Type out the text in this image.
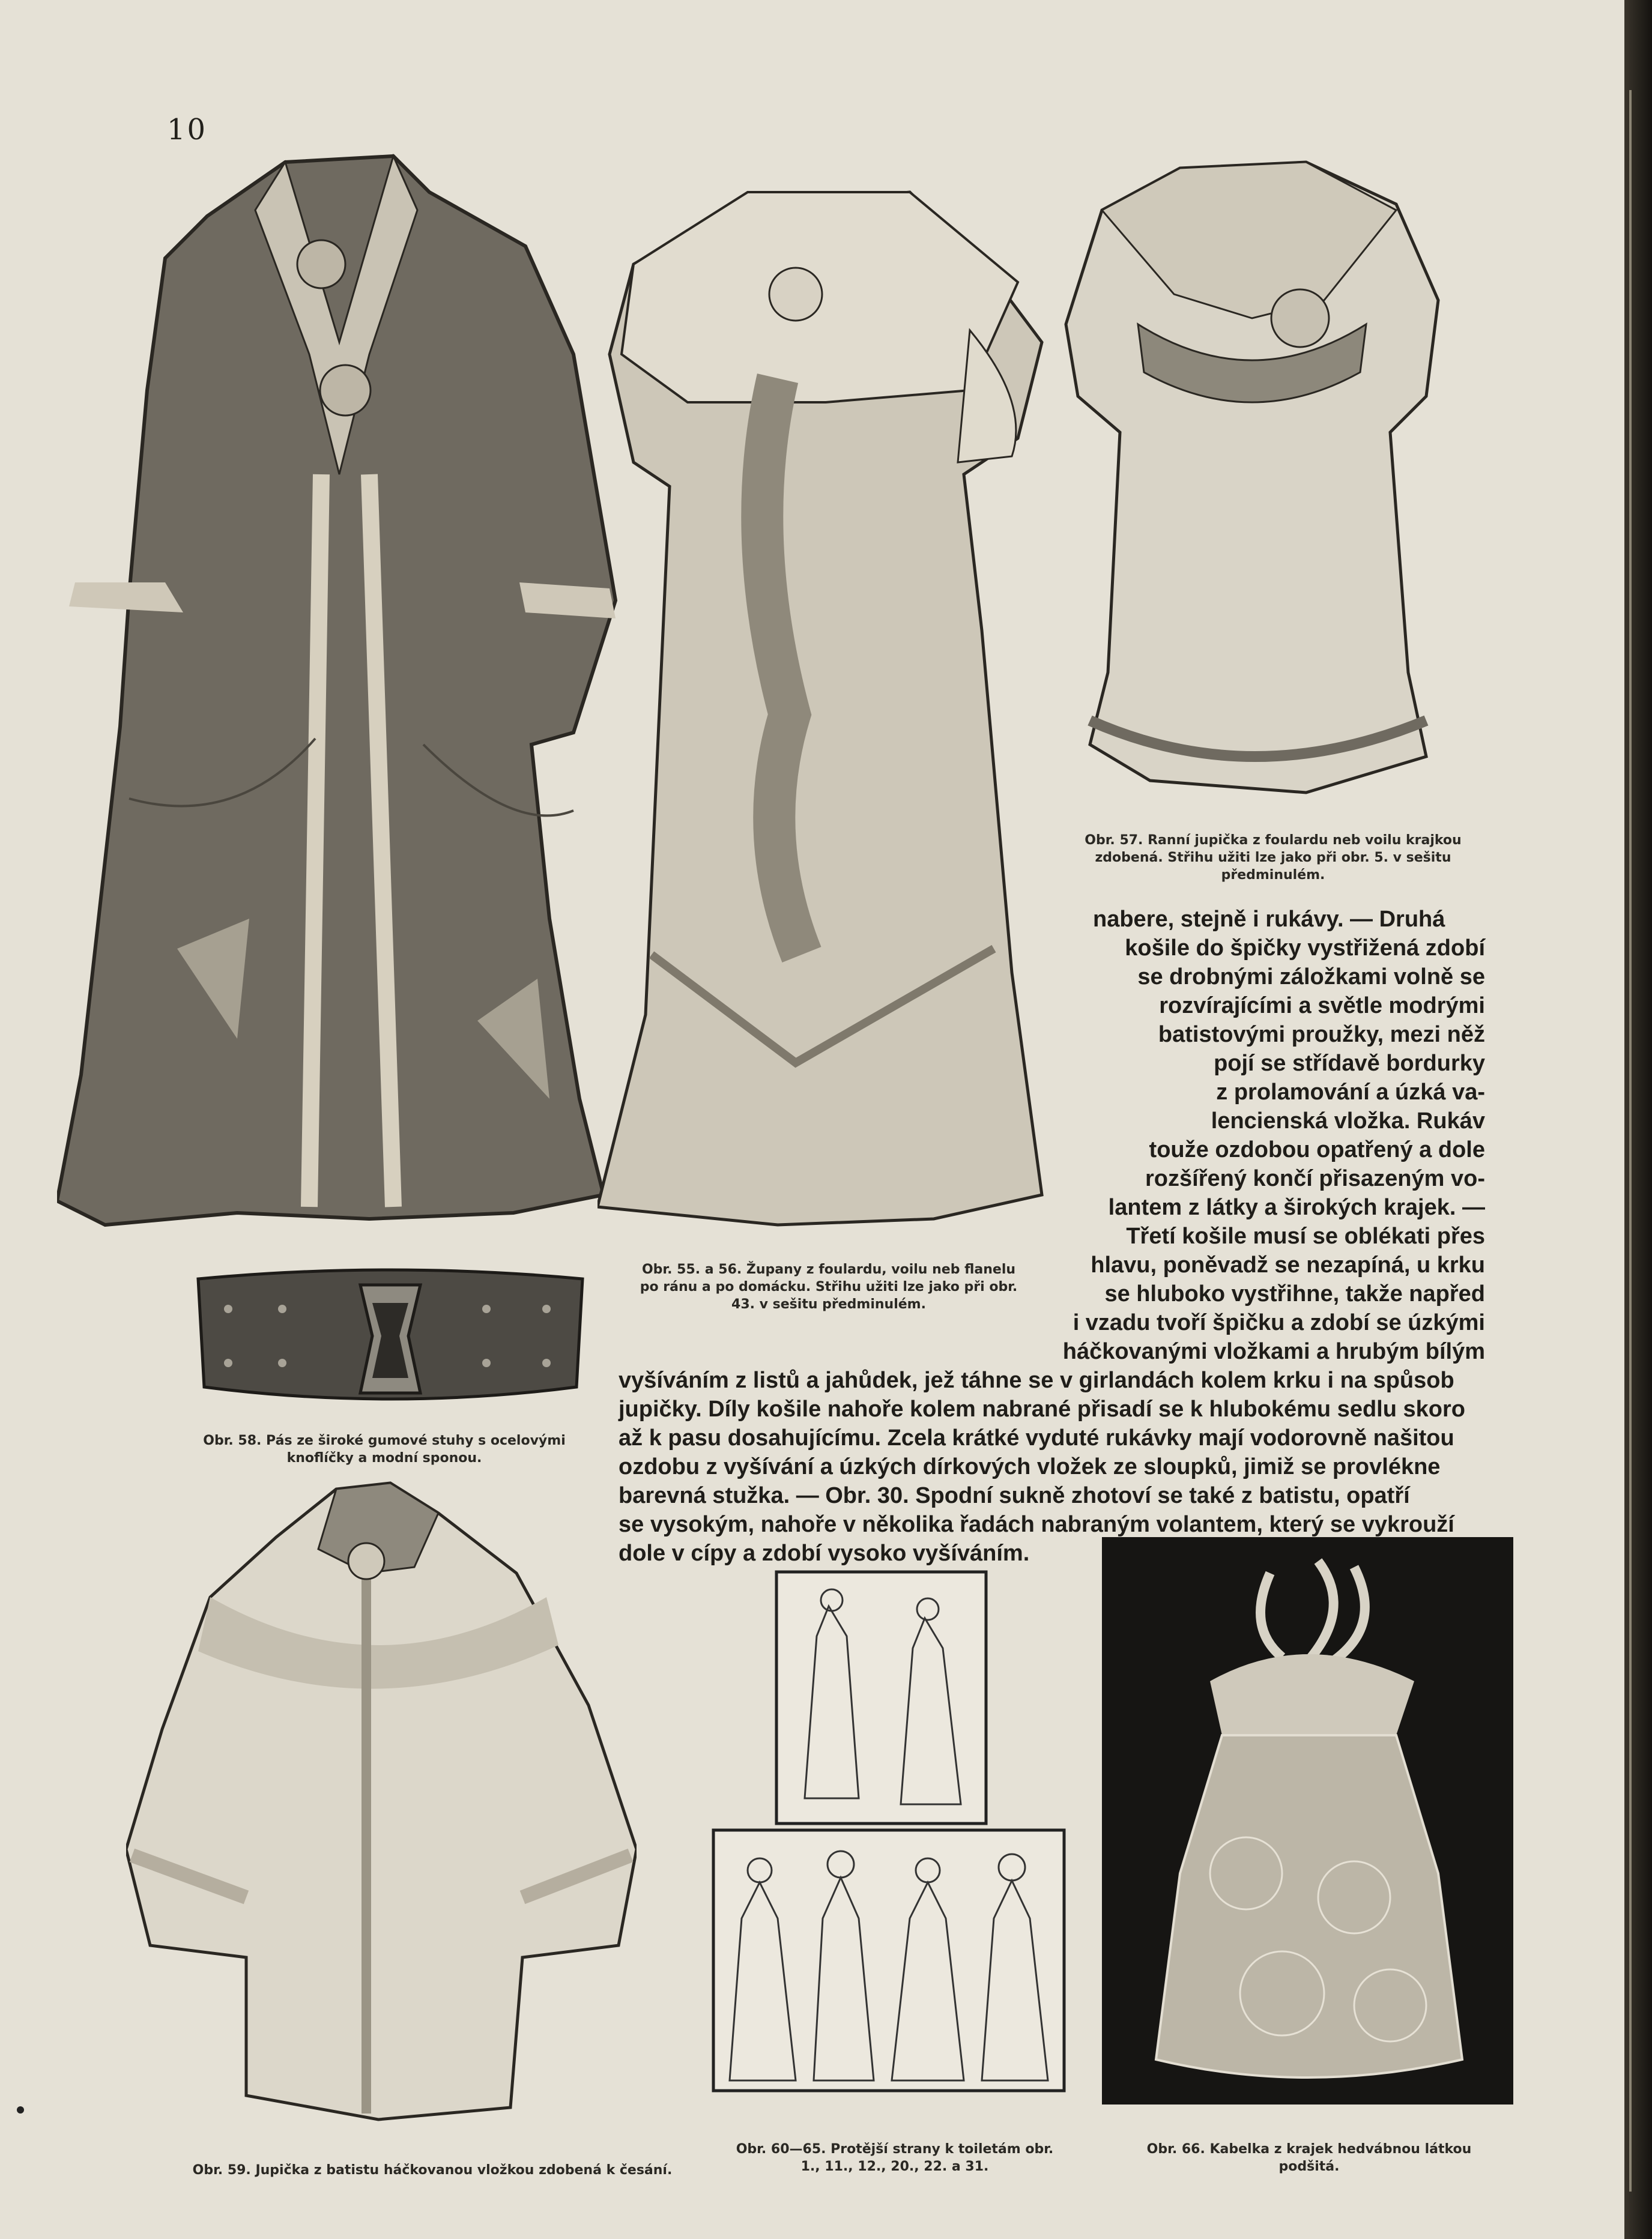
10
Obr. 57. Ranní jupička z foulardu neb voilu krajkou
zdobená. Střihu užiti lze jako při obr. 5. v sešitu
předminulém.
Obr. 58. Pás ze široké gumové stuhy s ocelovými
knoflíčky a modní sponou.
Obr. 55. a 56. Župany z foulardu, voilu neb flanelu
po ránu a po domácku. Střihu užiti lze jako při obr.
43. v sešitu předminulém.
Obr. 59. Jupička z batistu háčkovanou vložkou zdobená k česání.
Obr. 60—65. Protější strany k toiletám obr.
1., 11., 12., 20., 22. a 31.
Obr. 66. Kabelka z krajek hedvábnou látkou
podšitá.
nabere, stejně i rukávy. — Druhá
košile do špičky vystřižená zdobí
se drobnými záložkami volně se
rozvírajícími a světle modrými
batistovými proužky, mezi něž
pojí se střídavě bordurky
z prolamování a úzká va-
lencienská vložka. Rukáv
touže ozdobou opatřený a dole
rozšířený končí přisazeným vo-
lantem z látky a širokých krajek. —
Třetí košile musí se oblékati přes
hlavu, poněvadž se nezapíná, u krku
se hluboko vystřihne, takže napřed
i vzadu tvoří špičku a zdobí se úzkými
háčkovanými vložkami a hrubým bílým
vyšíváním z listů a jahůdek, jež táhne se v girlandách kolem krku i na spůsob
jupičky. Díly košile nahoře kolem nabrané přisadí se k hlubokému sedlu skoro
až k pasu dosahujícímu. Zcela krátké vyduté rukávky mají vodorovně našitou
ozdobu z vyšívání a úzkých dírkových vložek ze sloupků, jimiž se provlékne
barevná stužka. — Obr. 30. Spodní sukně zhotoví se také z batistu, opatří
se vysokým, nahoře v několika řadách nabraným volantem, který se vykrouží
dole v cípy a zdobí vysoko vyšíváním.
